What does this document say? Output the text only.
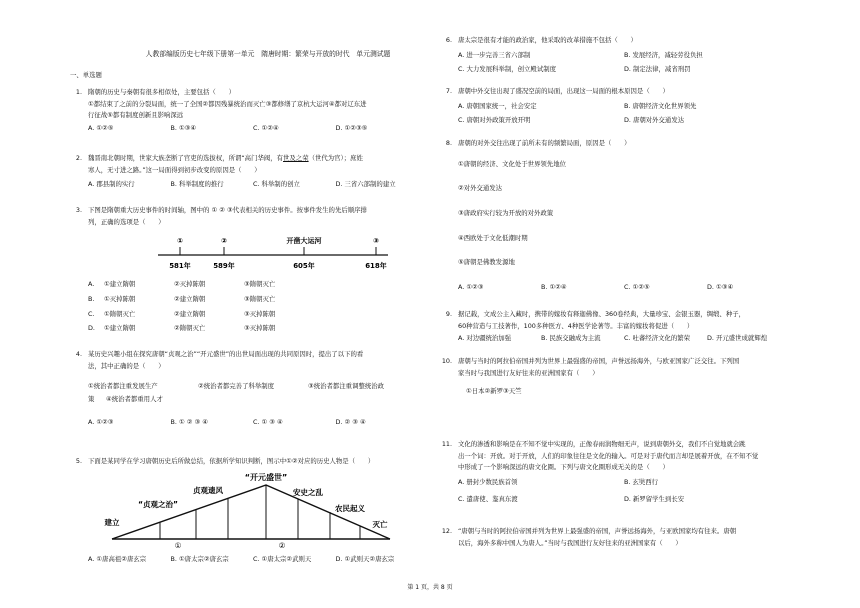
人教部编版历史七年级下册第一单元　隋唐时期：繁荣与开放的时代　单元测试题
一、单选题
1. 隋朝的历史与秦朝有很多相似处，主要包括（　　）

①都结束了之前的分裂局面，统一了全国②都因残暴统治而灭亡③都修缮了京杭大运河④都对辽东进

行征战⑤都有制度创新且影响深远

A. ①②⑤	B. ①③④	C. ①②④	D. ①②③⑤
2. 魏晋南北朝时期，世家大族垄断了官吏的选拔权，所谓“高门华阀，有世及之荣（世代为官）；庶姓

寒人，无寸进之路。”这一局面得到初步改变的原因是（　　）

A. 郡县制的实行	B. 科举制度的推行	C. 科举制的创立	D. 三省六部制的建立
3. 下图是隋朝重大历史事件的时间轴，图中的 ① ② ③代表相关的历史事件。按事件发生的先后顺序排

列，正确的选项是（　　）

①	②	开凿大运河	③
581年	589年	605年	618年
A.	①建立隋朝	②灭掉陈朝	③隋朝灭亡
B.	①灭掉陈朝	②建立隋朝	③隋朝灭亡
C.	①隋朝灭亡	②建立隋朝	③灭掉陈朝
D.	①建立隋朝	②隋朝灭亡	③灭掉陈朝
4. 某历史兴趣小组在探究唐朝“贞观之治”“开元盛世”的出世局面出现的共同原因时，提出了以下的看

法，其中正确的是（　　）

①统治者都注重发展生产	②统治者都完善了科举制度	③统治者都注重调整统治政
策	④统治者都重用人才
A. ①②③	B. ① ② ③ ④	C. ① ③ ④	D. ② ③ ④
5. 下面是某同学在学习唐朝历史后所做总结，依据所学知识判断，图示中①②对应的历史人物是（　　）

“开元盛世”
贞观遗风
“贞观之治”
建立
安史之乱
农民起义
灭亡
①	②
A. ①唐高祖②唐玄宗	B. ①唐太宗②唐玄宗	C. ①唐太宗②武则天	D. ①武则天②唐玄宗
6. 唐太宗是很有才能的政治家，他采取的改革措施不包括（　　）

A. 进一步完善三省六部制	B. 发展经济，减轻劳役负担
C. 大力发展科举制，创立殿试制度	D. 制定法律，减省刑罚
7. 唐朝中外交往出现了盛况空前的局面，出现这一局面的根本原因是（　　）

A. 唐朝国家统一，社会安定	B. 唐朝经济文化世界领先
C. 唐朝对外政策开放开明	D. 唐朝对外交通发达
8. 唐朝的对外交往出现了前所未有的频繁局面，原因是（　　）

①唐朝的经济、文化处于世界领先地位
②对外交通发达
③唐政府实行较为开放的对外政策
④西欧处于文化低潮时期
⑤唐朝是佛教发源地
A. ①②③	B. ①②④	C. ①②⑤	D. ①③④
9. 据记载，文成公主入藏时，携带的嫁妆有释迦佛像、360卷经典，大量珍宝、金银玉器，绸缎、种子，

60种营造与工技著作，100多种医方、4种医学论著等。丰富的嫁妆将促进（　　）

A. 对边疆统治加强	B. 民族交融成为主流	C. 吐蕃经济文化的繁荣	D. 开元盛世成就辉煌
10. 唐朝与当时的阿拉伯帝国并列为世界上最强盛的帝国，声誉远扬海外，与欧亚国家广泛交往。下列国

家当时与我国进行友好往来的亚洲国家有（　　）

①日本②新罗③天竺
11. 文化的渗透和影响是在不知不觉中实现的，正像春雨润物细无声，说到唐朝外交，我们不自觉地就会跳

出一个词：开放。对于开放，人们的印象往往是文化的输入。可是对于唐代而言却是展着开放，在不知不觉

中形成了一个影响深远的唐文化圈。下列与唐文化圈形成无关的是（　　）

A. 册封少数民族首领	B. 玄奘西行
C. 遣唐使、鉴真东渡	D. 新罗留学生到长安
12. “唐朝与当时的阿拉伯帝国并列为世界上最强盛的帝国，声誉远扬海外，与亚欧国家均有往来。唐朝

以后，海外多称中国人为唐人。”当时与我国进行友好往来的亚洲国家有（　　）

第 1 页，共 8 页
